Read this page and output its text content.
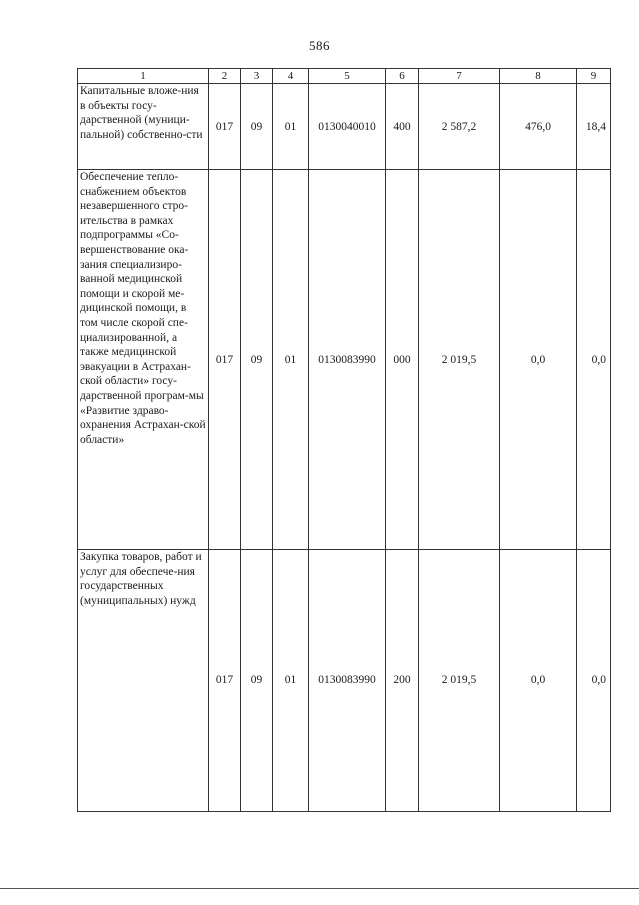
586
1	2	3	4	5	6	7	8	9
Капитальные вложе-ния в объекты госу-дарственной (муници-пальной) собственно-сти	017	09	01	0130040010	400	2 587,2	476,0	18,4
Обеспечение тепло-снабжением объектов незавершенного стро-ительства в рамках подпрограммы «Со-вершенствование ока-зания специализиро-ванной медицинской помощи и скорой ме-дицинской помощи, в том числе скорой спе-циализированной, а также медицинской эвакуации в Астрахан-ской области» госу-дарственной програм-мы «Развитие здраво-охранения Астрахан-ской области»	017	09	01	0130083990	000	2 019,5	0,0	0,0
Закупка товаров, работ и услуг для обеспече-ния государственных (муниципальных) нужд	017	09	01	0130083990	200	2 019,5	0,0	0,0
